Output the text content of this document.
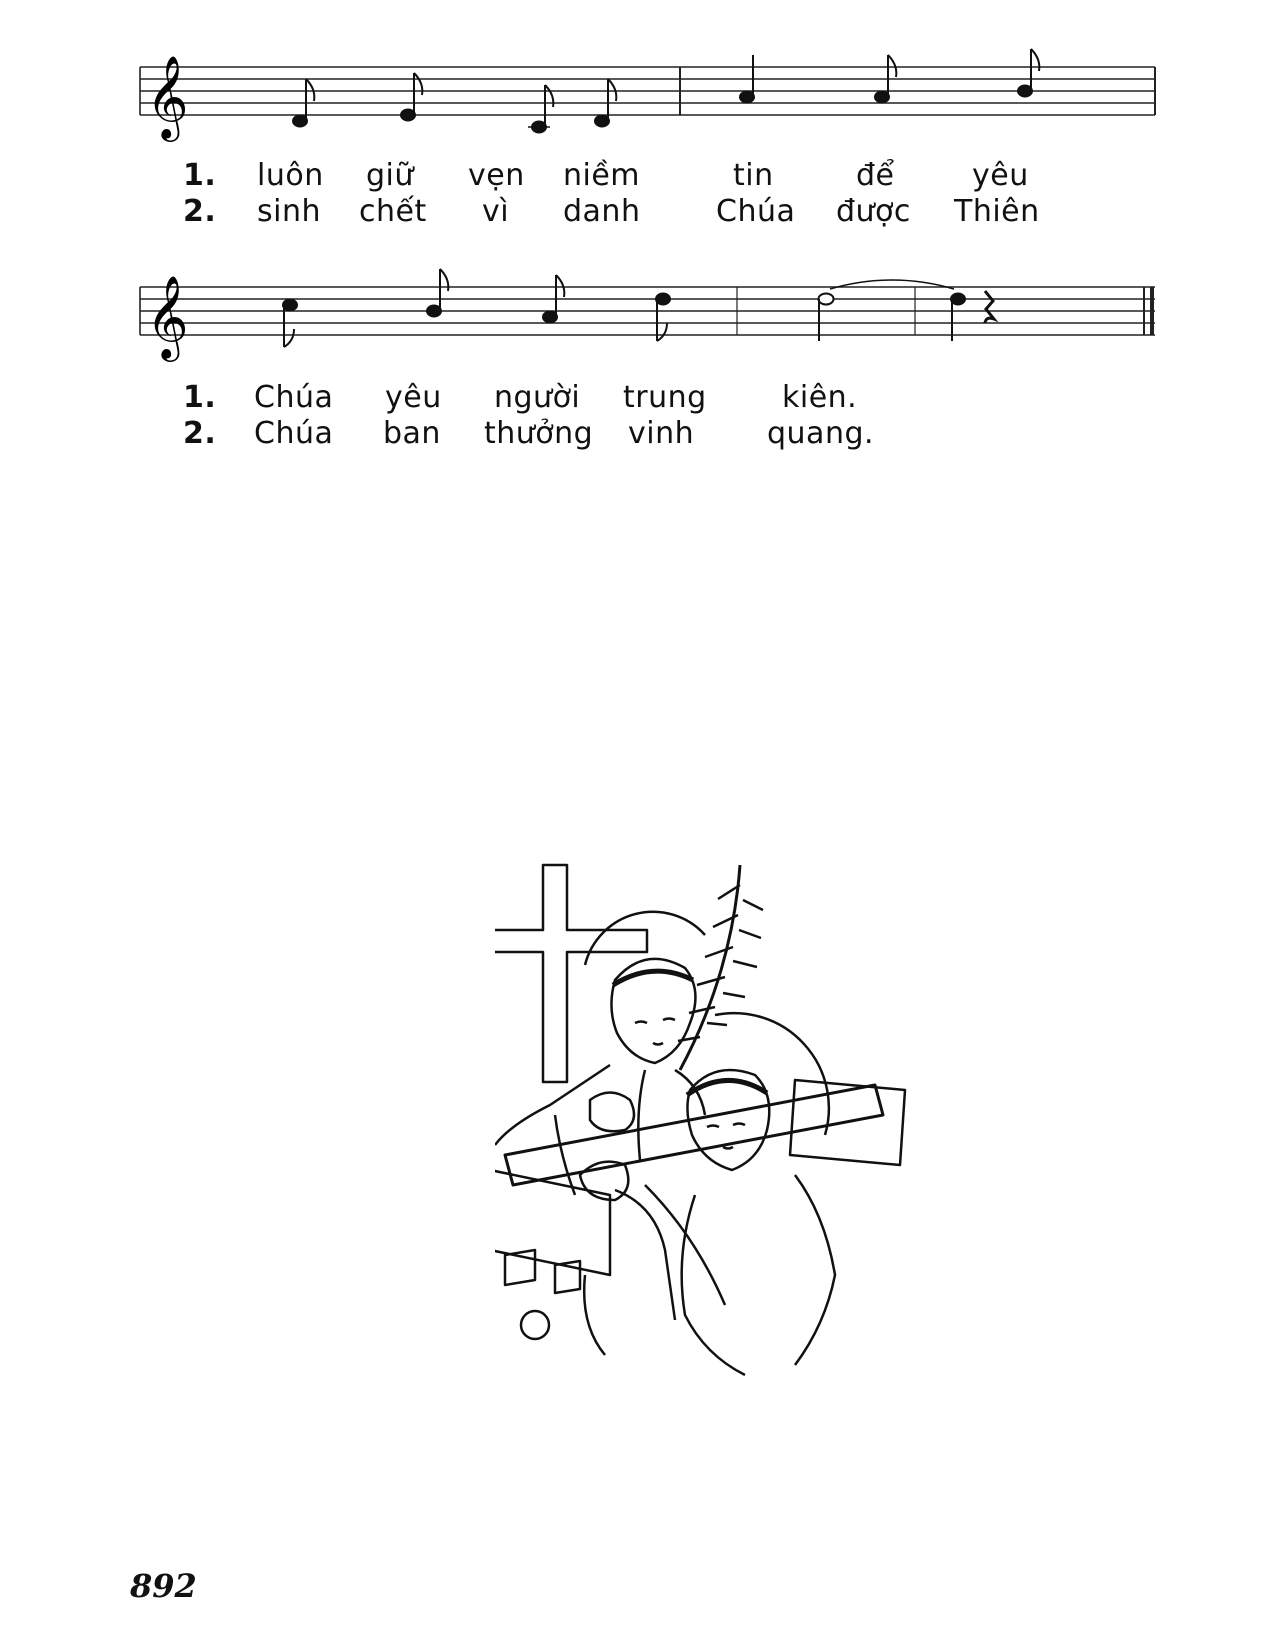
𝄞
1. luôn giữ vẹn niềm	tin	để	yêu
2. sinh chết vì danh	Chúa được Thiên
𝄞
1. Chúa yêu người trung	kiên.
2. Chúa ban thưởng vinh quang.
892
